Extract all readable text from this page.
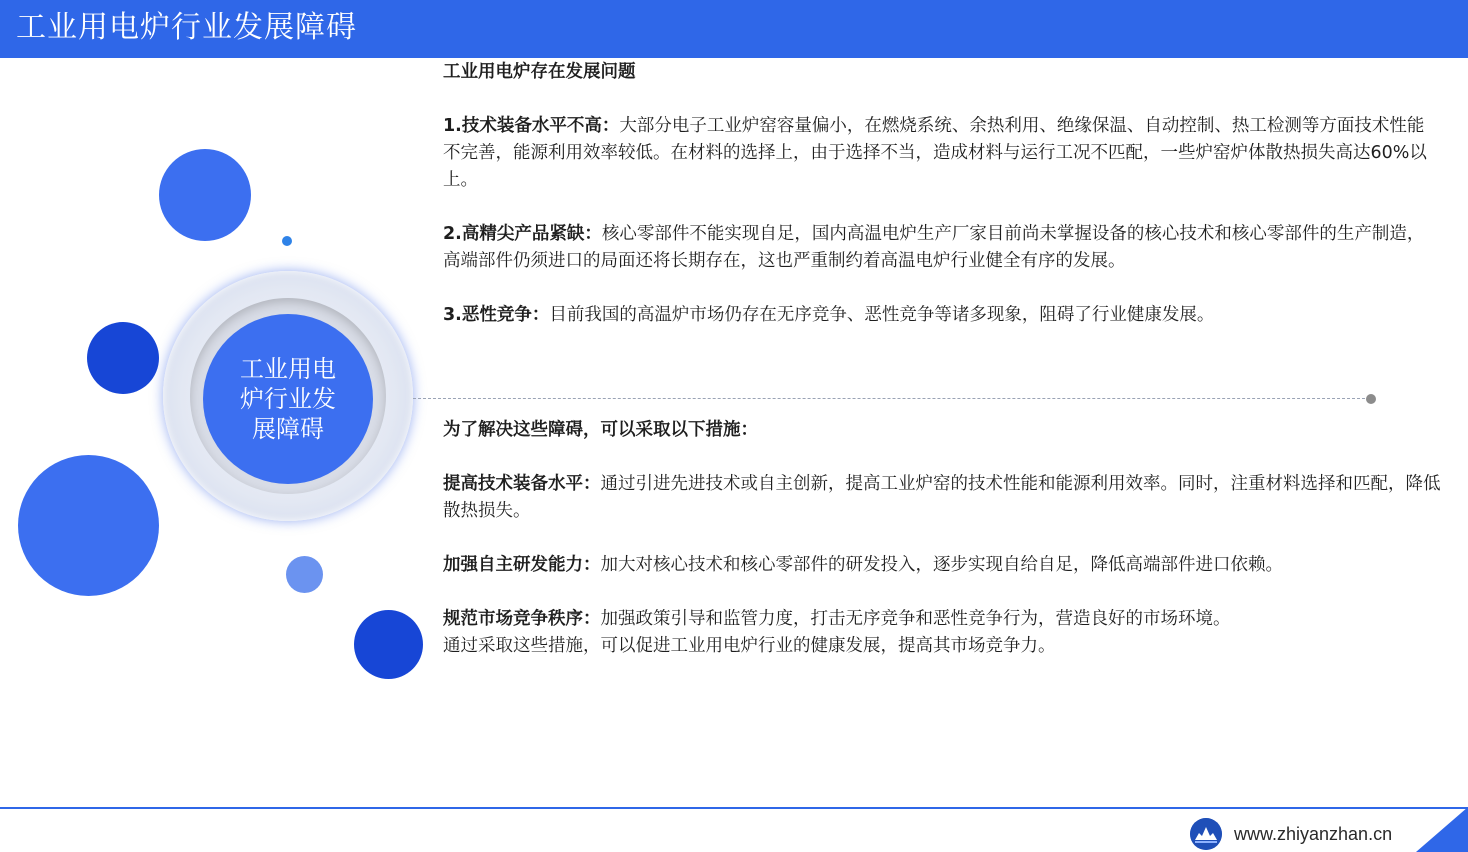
工业用电炉行业发展障碍
工业用电炉行业发展障碍
工业用电炉存在发展问题
1.技术装备水平不高：大部分电子工业炉窑容量偏小，在燃烧系统、余热利用、绝缘保温、自动控制、热工检测等方面技术性能不完善，能源利用效率较低。在材料的选择上，由于选择不当，造成材料与运行工况不匹配，一些炉窑炉体散热损失高达60%以上。
2.高精尖产品紧缺：核心零部件不能实现自足，国内高温电炉生产厂家目前尚未掌握设备的核心技术和核心零部件的生产制造，高端部件仍须进口的局面还将长期存在，这也严重制约着高温电炉行业健全有序的发展。
3.恶性竞争：目前我国的高温炉市场仍存在无序竞争、恶性竞争等诸多现象，阻碍了行业健康发展。
为了解决这些障碍，可以采取以下措施：
提高技术装备水平：通过引进先进技术或自主创新，提高工业炉窑的技术性能和能源利用效率。同时，注重材料选择和匹配，降低散热损失。
加强自主研发能力：加大对核心技术和核心零部件的研发投入，逐步实现自给自足，降低高端部件进口依赖。
规范市场竞争秩序：加强政策引导和监管力度，打击无序竞争和恶性竞争行为，营造良好的市场环境。
通过采取这些措施，可以促进工业用电炉行业的健康发展，提高其市场竞争力。
www.zhiyanzhan.cn
